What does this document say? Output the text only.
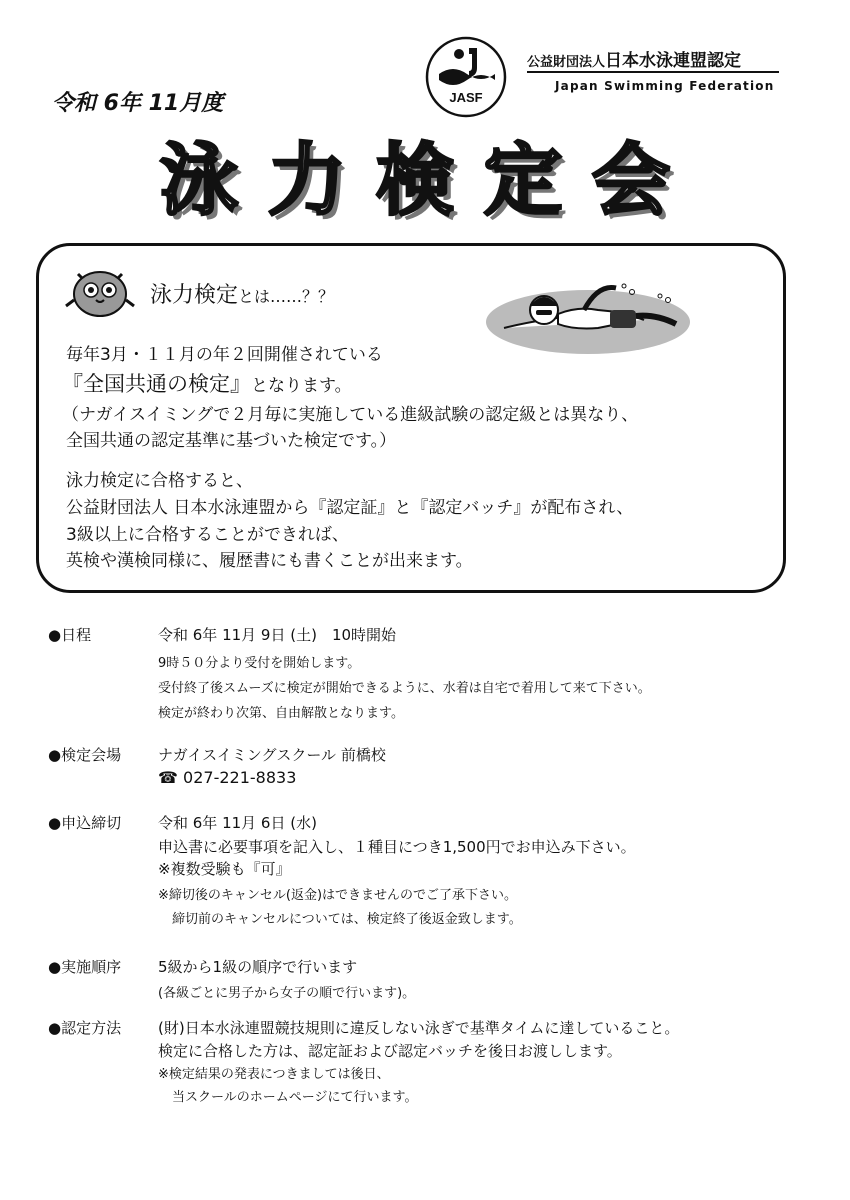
JASF
公益財団法人日本水泳連盟認定
Japan Swimming Federation
令和 6年 11月度
泳力検定会
泳力検定とは……？？
毎年3月・１１月の年２回開催されている
『全国共通の検定』となります。
（ナガイスイミングで２月毎に実施している進級試験の認定級とは異なり、
全国共通の認定基準に基づいた検定です。）
泳力検定に合格すると、
公益財団法人 日本水泳連盟から『認定証』と『認定バッチ』が配布され、
3級以上に合格することができれば、
英検や漢検同様に、履歴書にも書くことが出来ます。
●日程	令和 6年 11月 9日 (土)　10時開始
9時５０分より受付を開始します。
受付終了後スムーズに検定が開始できるように、水着は自宅で着用して来て下さい。
検定が終わり次第、自由解散となります。
●検定会場 ナガイスイミングスクール 前橋校
☎ 027-221-8833
●申込締切 令和 6年 11月 6日 (水)
申込書に必要事項を記入し、１種目につき1,500円でお申込み下さい。
※複数受験も『可』
※締切後のキャンセル(返金)はできませんのでご了承下さい。
締切前のキャンセルについては、検定終了後返金致します。
●実施順序 5級から1級の順序で行います
(各級ごとに男子から女子の順で行います)。
●認定方法 (財)日本水泳連盟競技規則に違反しない泳ぎで基準タイムに達していること。
検定に合格した方は、認定証および認定バッチを後日お渡しします。
※検定結果の発表につきましては後日、
当スクールのホームページにて行います。
